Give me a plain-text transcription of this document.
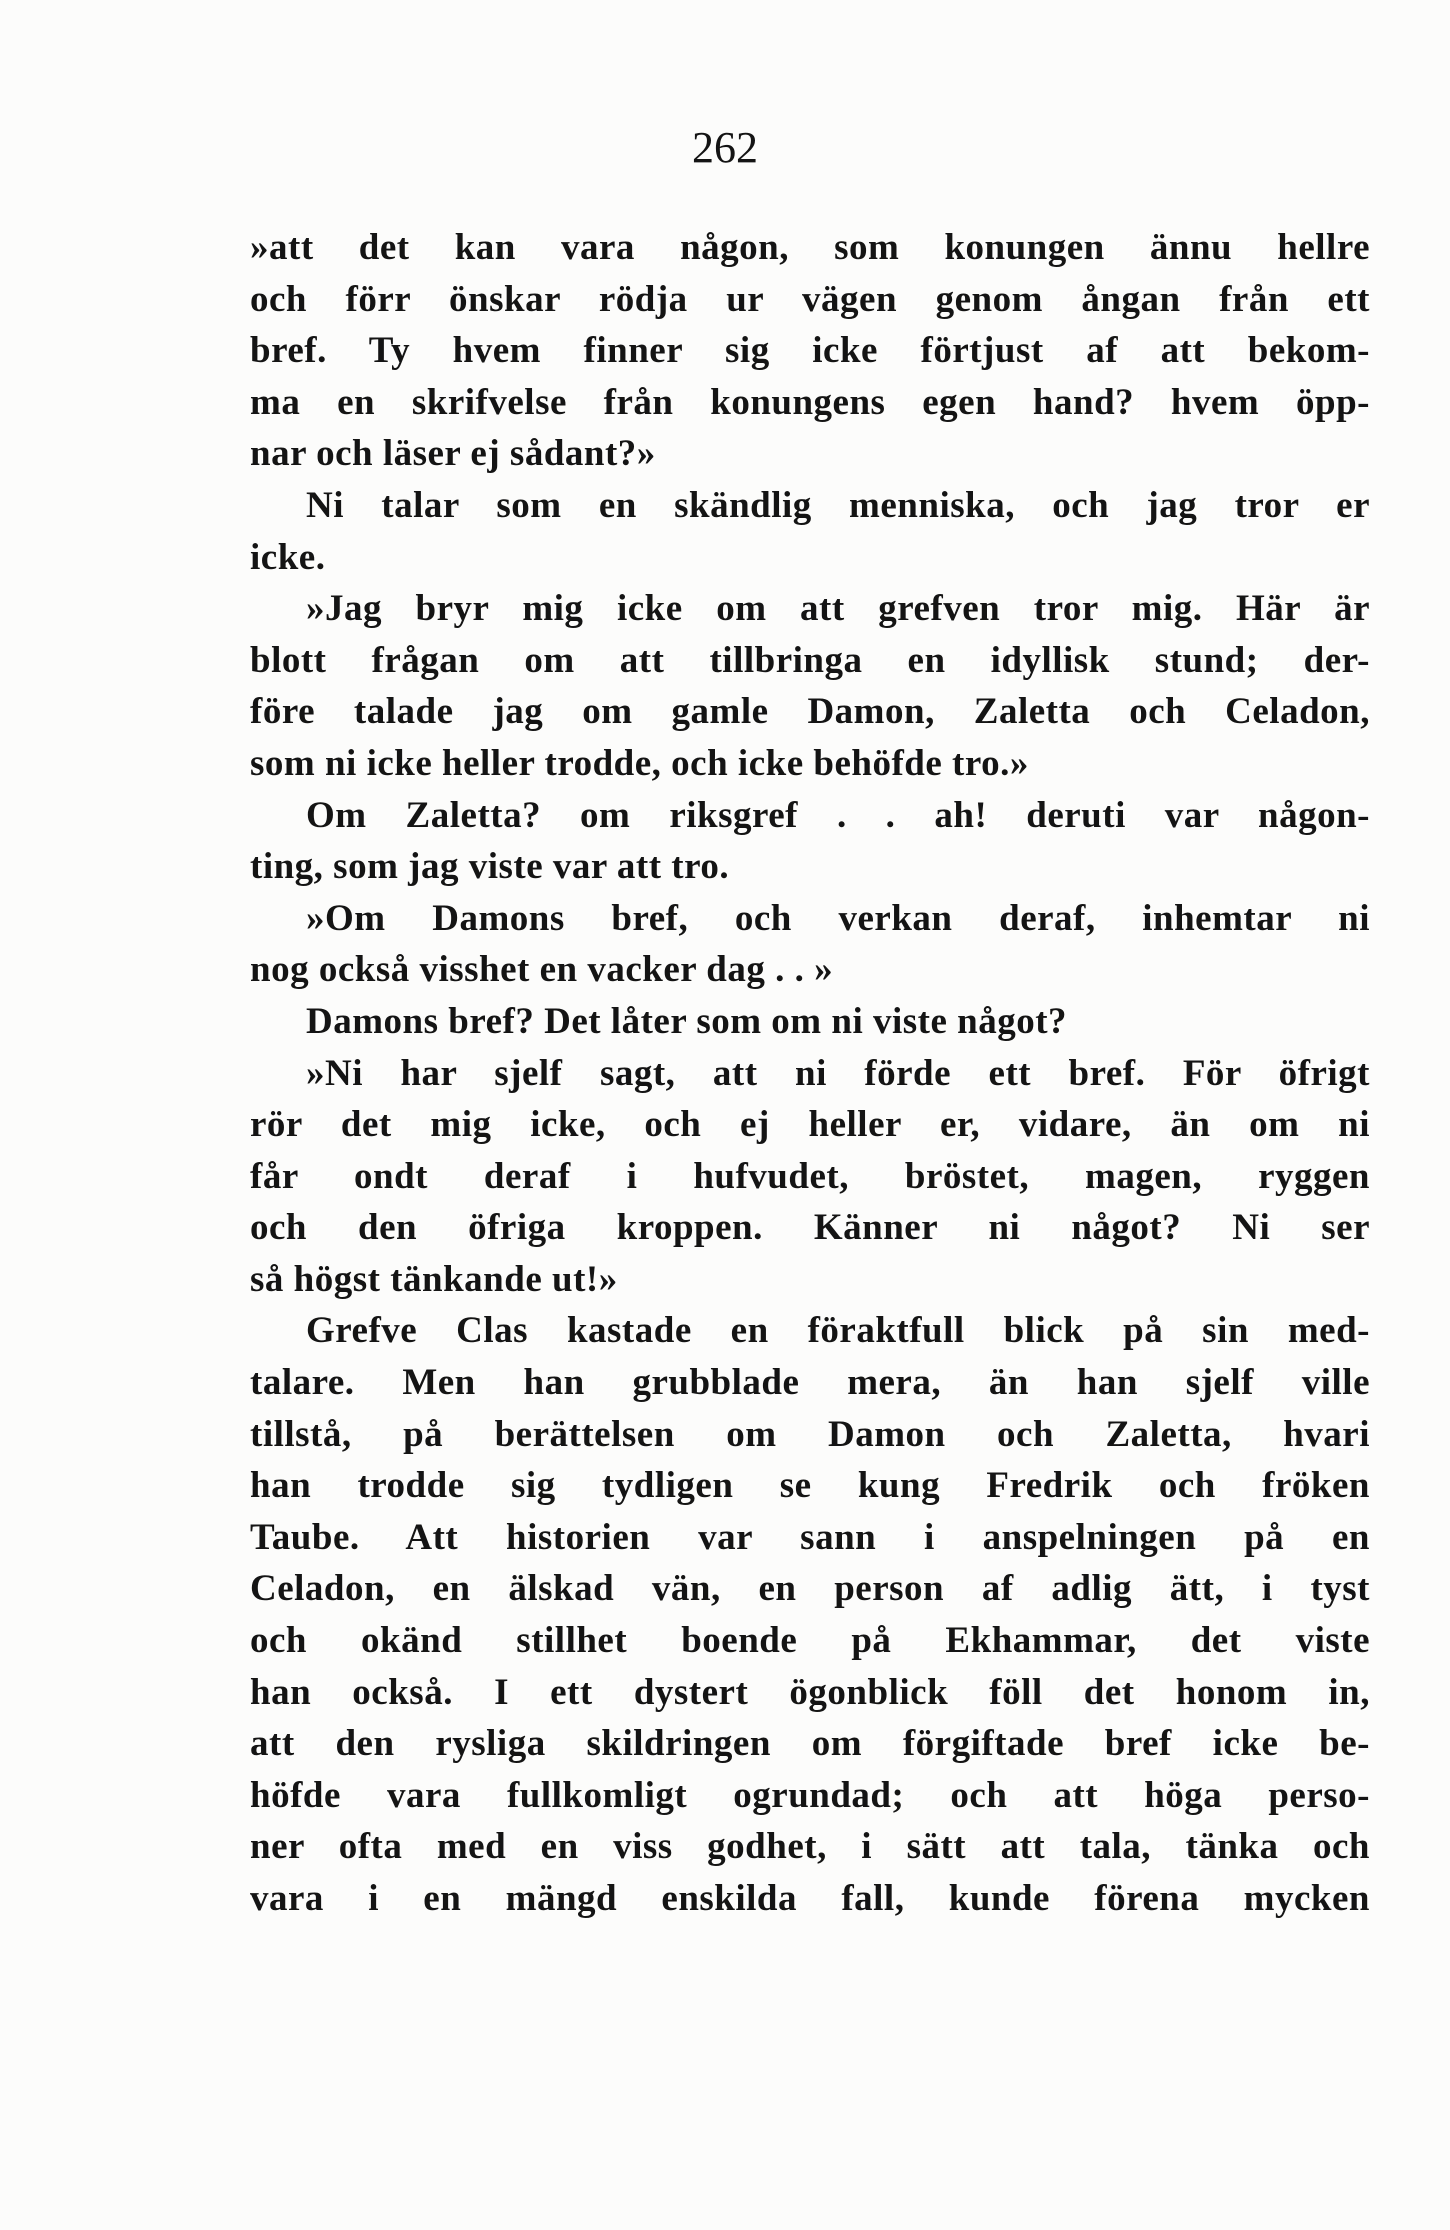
262
»att det kan vara någon, som konungen ännu hellre
och förr önskar rödja ur vägen genom ångan från ett
bref. Ty hvem finner sig icke förtjust af att bekom-
ma en skrifvelse från konungens egen hand? hvem öpp-
nar och läser ej sådant?»
Ni talar som en skändlig menniska, och jag tror er
icke.
»Jag bryr mig icke om att grefven tror mig. Här är
blott frågan om att tillbringa en idyllisk stund; der-
före talade jag om gamle Damon, Zaletta och Celadon,
som ni icke heller trodde, och icke behöfde tro.»
Om Zaletta? om riksgref . . ah! deruti var någon-
ting, som jag viste var att tro.
»Om Damons bref, och verkan deraf, inhemtar ni
nog också visshet en vacker dag . . »
Damons bref? Det låter som om ni viste något?
»Ni har sjelf sagt, att ni förde ett bref. För öfrigt
rör det mig icke, och ej heller er, vidare, än om ni
får ondt deraf i hufvudet, bröstet, magen, ryggen
och den öfriga kroppen. Känner ni något? Ni ser
så högst tänkande ut!»
Grefve Clas kastade en föraktfull blick på sin med-
talare. Men han grubblade mera, än han sjelf ville
tillstå, på berättelsen om Damon och Zaletta, hvari
han trodde sig tydligen se kung Fredrik och fröken
Taube. Att historien var sann i anspelningen på en
Celadon, en älskad vän, en person af adlig ätt, i tyst
och okänd stillhet boende på Ekhammar, det viste
han också. I ett dystert ögonblick föll det honom in,
att den rysliga skildringen om förgiftade bref icke be-
höfde vara fullkomligt ogrundad; och att höga perso-
ner ofta med en viss godhet, i sätt att tala, tänka och
vara i en mängd enskilda fall, kunde förena mycken
